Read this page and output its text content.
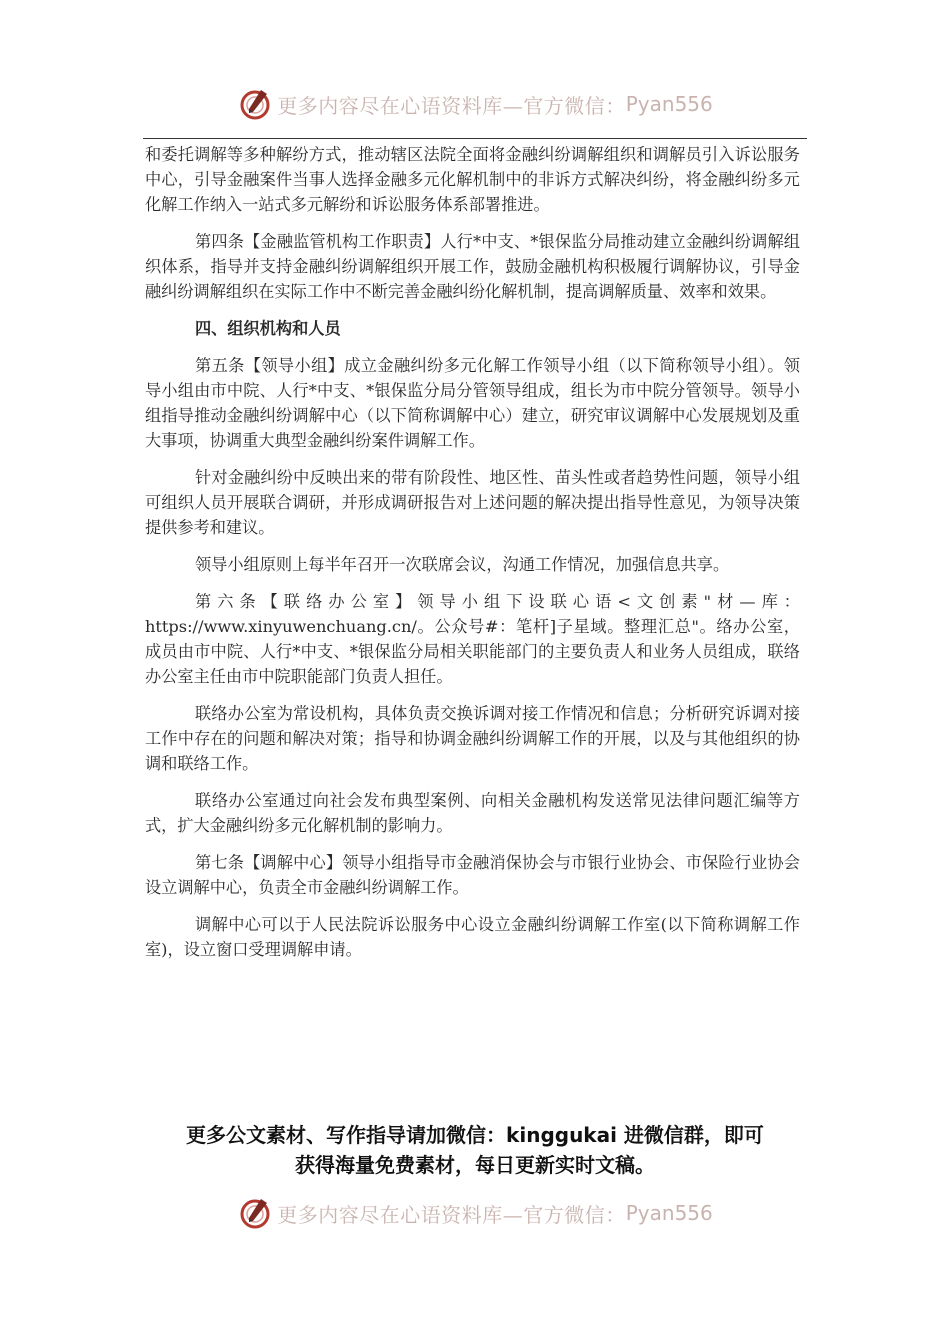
更多内容尽在心语资料库—官方微信： Pyan556

和委托调解等多种解纷方式，推动辖区法院全面将金融纠纷调解组织和调解员引入诉讼服务中心，引导金融案件当事人选择金融多元化解机制中的非诉方式解决纠纷，将金融纠纷多元化解工作纳入一站式多元解纷和诉讼服务体系部署推进。

第四条【金融监管机构工作职责】人行*中支、*银保监分局推动建立金融纠纷调解组织体系，指导并支持金融纠纷调解组织开展工作，鼓励金融机构积极履行调解协议，引导金融纠纷调解组织在实际工作中不断完善金融纠纷化解机制，提高调解质量、效率和效果。

四、组织机构和人员

第五条【领导小组】成立金融纠纷多元化解工作领导小组（以下简称领导小组）。领导小组由市中院、人行*中支、*银保监分局分管领导组成，组长为市中院分管领导。领导小组指导推动金融纠纷调解中心（以下简称调解中心）建立，研究审议调解中心发展规划及重大事项，协调重大典型金融纠纷案件调解工作。

针对金融纠纷中反映出来的带有阶段性、地区性、苗头性或者趋势性问题，领导小组可组织人员开展联合调研，并形成调研报告对上述问题的解决提出指导性意见，为领导决策提供参考和建议。

领导小组原则上每半年召开一次联席会议，沟通工作情况，加强信息共享。

第六条【联络办公室】领导小组下设联心语<文创素"材—库：https://www.xinyuwenchuang.cn/。公众号#：笔杆]子星域。整理汇总"。络办公室，成员由市中院、人行*中支、*银保监分局相关职能部门的主要负责人和业务人员组成，联络办公室主任由市中院职能部门负责人担任。

联络办公室为常设机构，具体负责交换诉调对接工作情况和信息；分析研究诉调对接工作中存在的问题和解决对策；指导和协调金融纠纷调解工作的开展，以及与其他组织的协调和联络工作。

联络办公室通过向社会发布典型案例、向相关金融机构发送常见法律问题汇编等方式，扩大金融纠纷多元化解机制的影响力。

第七条【调解中心】领导小组指导市金融消保协会与市银行业协会、市保险行业协会设立调解中心，负责全市金融纠纷调解工作。

调解中心可以于人民法院诉讼服务中心设立金融纠纷调解工作室(以下简称调解工作室)，设立窗口受理调解申请。

更多公文素材、写作指导请加微信：kinggukai 进微信群，即可
获得海量免费素材，每日更新实时文稿。
更多内容尽在心语资料库—官方微信： Pyan556
